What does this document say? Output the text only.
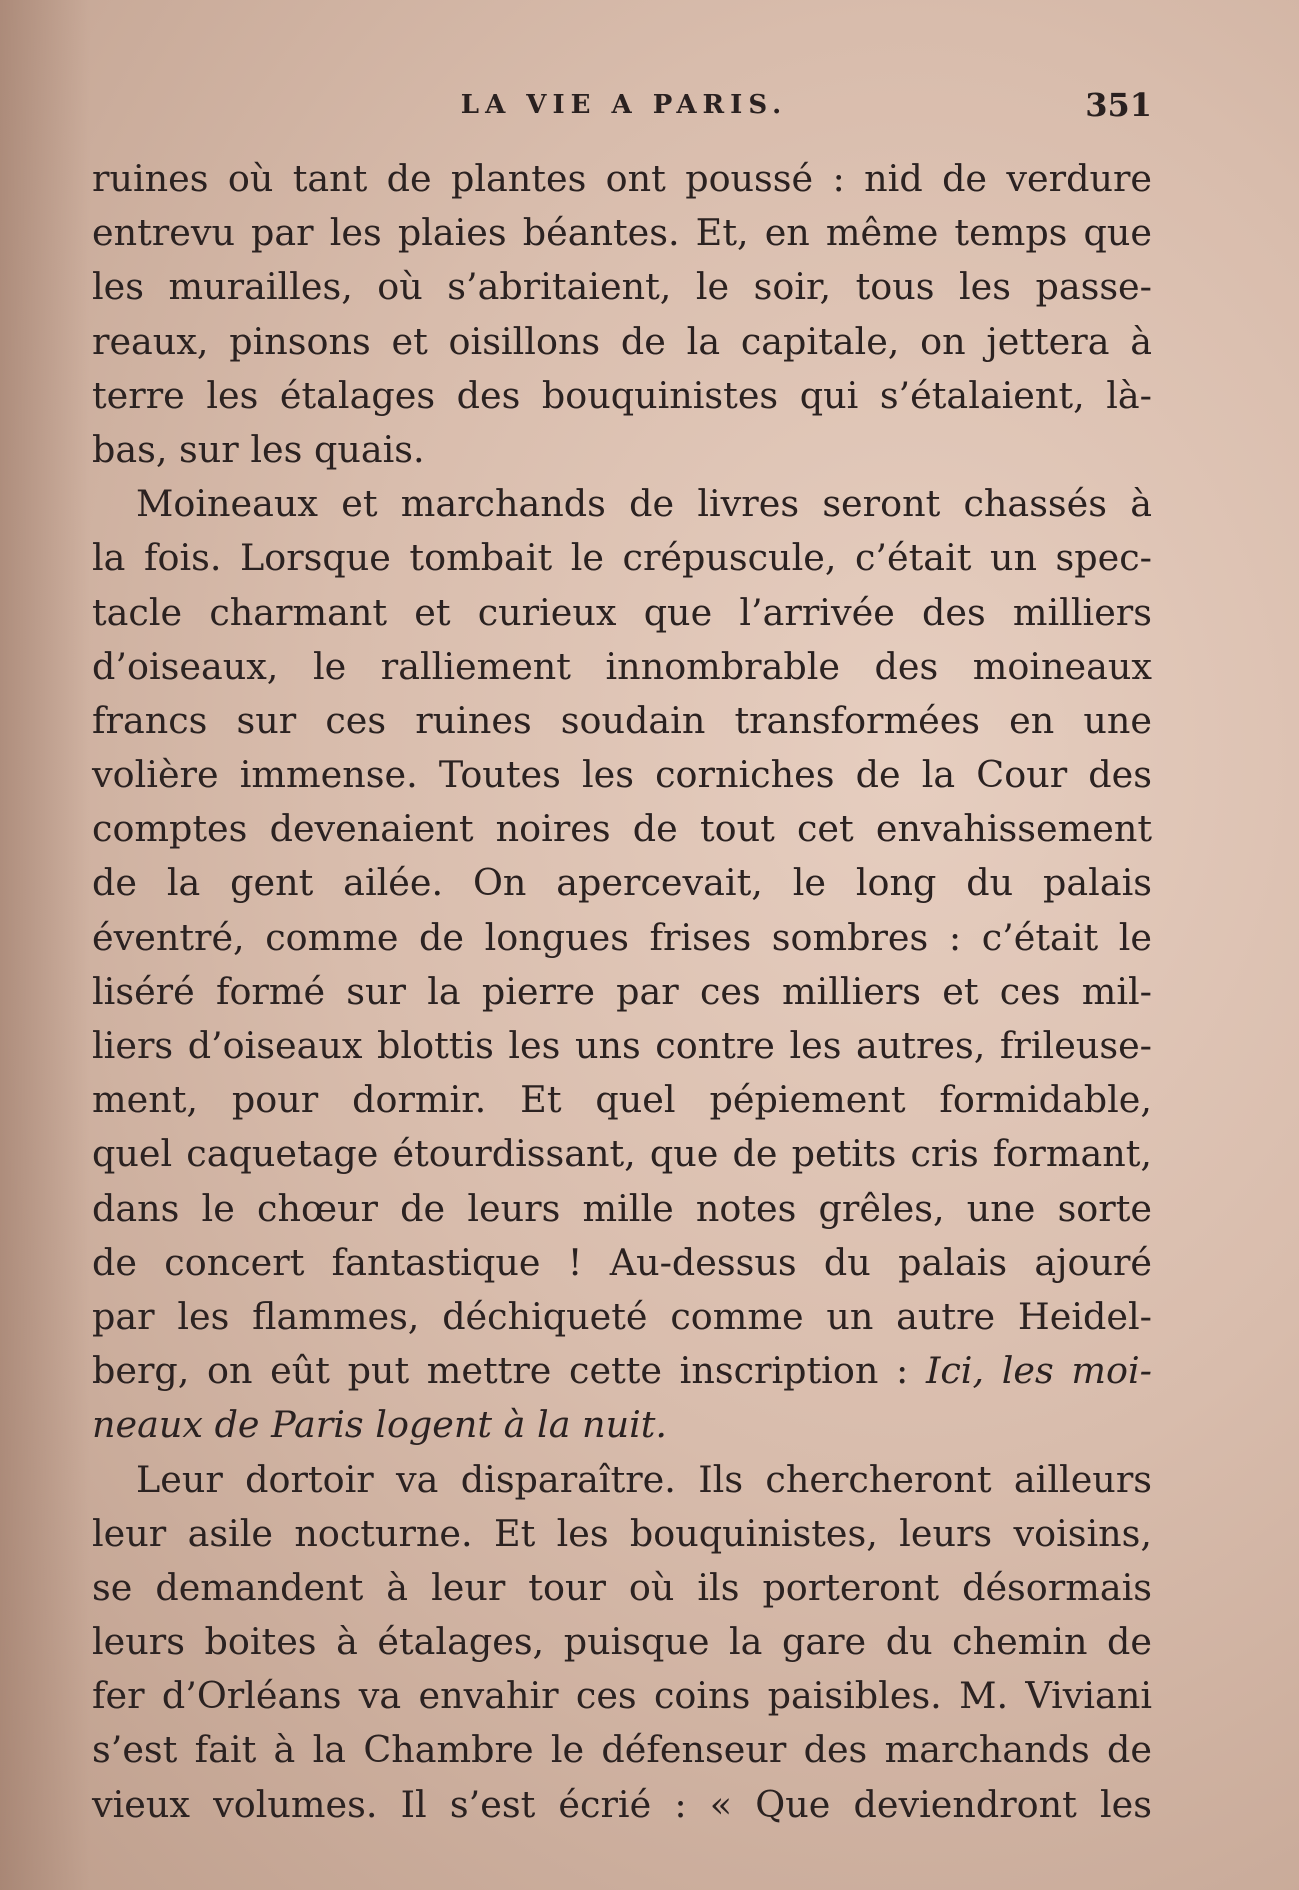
LA VIE A PARIS.	351
ruines où tant de plantes ont poussé : nid de verdure
entrevu par les plaies béantes. Et, en même temps que
les murailles, où s’abritaient, le soir, tous les passe-
reaux, pinsons et oisillons de la capitale, on jettera à
terre les étalages des bouquinistes qui s’étalaient, là-
bas, sur les quais.
Moineaux et marchands de livres seront chassés à
la fois. Lorsque tombait le crépuscule, c’était un spec-
tacle charmant et curieux que l’arrivée des milliers
d’oiseaux, le ralliement innombrable des moineaux
francs sur ces ruines soudain transformées en une
volière immense. Toutes les corniches de la Cour des
comptes devenaient noires de tout cet envahissement
de la gent ailée. On apercevait, le long du palais
éventré, comme de longues frises sombres : c’était le
liséré formé sur la pierre par ces milliers et ces mil-
liers d’oiseaux blottis les uns contre les autres, frileuse-
ment, pour dormir. Et quel pépiement formidable,
quel caquetage étourdissant, que de petits cris formant,
dans le chœur de leurs mille notes grêles, une sorte
de concert fantastique ! Au-dessus du palais ajouré
par les flammes, déchiqueté comme un autre Heidel-
berg, on eût put mettre cette inscription : Ici, les moi-
neaux de Paris logent à la nuit.
Leur dortoir va disparaître. Ils chercheront ailleurs
leur asile nocturne. Et les bouquinistes, leurs voisins,
se demandent à leur tour où ils porteront désormais
leurs boites à étalages, puisque la gare du chemin de
fer d’Orléans va envahir ces coins paisibles. M. Viviani
s’est fait à la Chambre le défenseur des marchands de
vieux volumes. Il s’est écrié : « Que deviendront les
